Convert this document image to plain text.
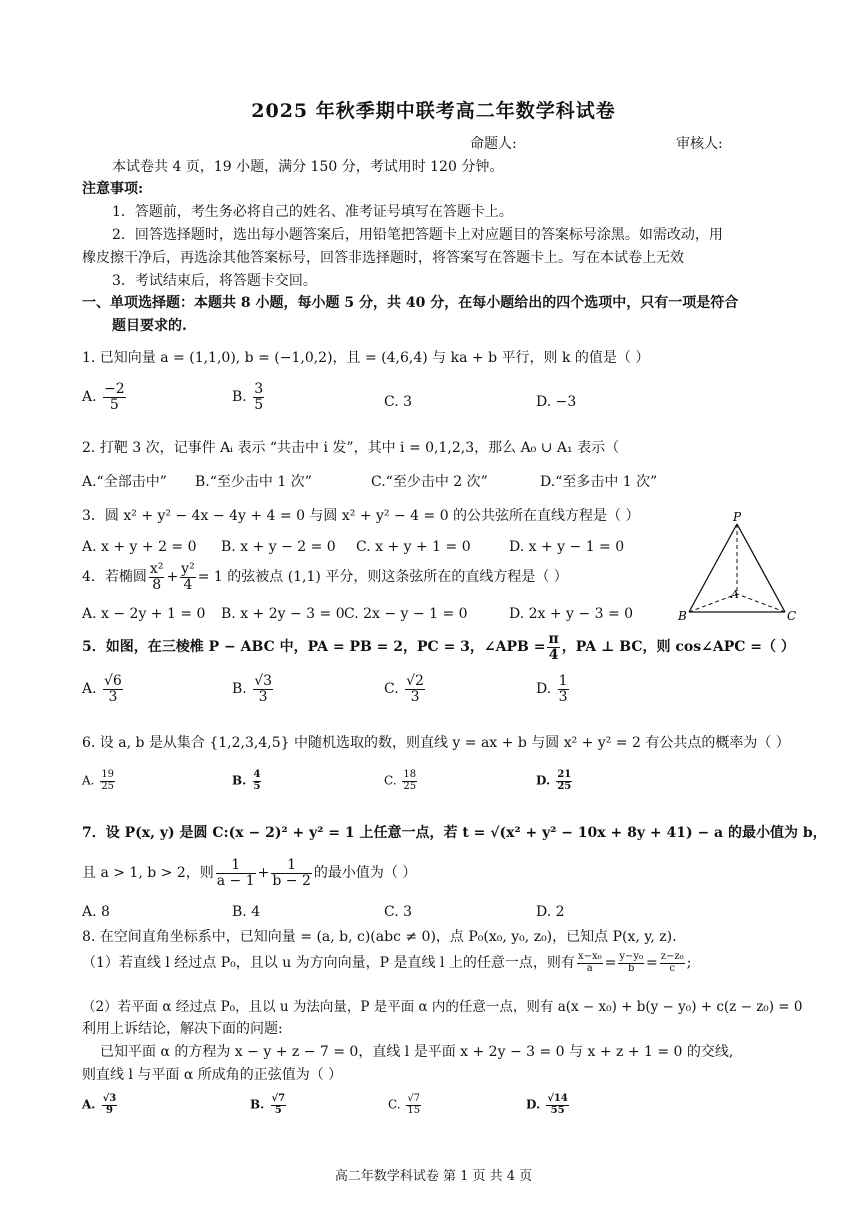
2025 年秋季期中联考高二年数学科试卷
命题人:	审核人:
本试卷共 4 页，19 小题，满分 150 分，考试用时 120 分钟。
注意事项:
1．答题前，考生务必将自己的姓名、准考证号填写在答题卡上。
2．回答选择题时，选出每小题答案后，用铅笔把答题卡上对应题目的答案标号涂黑。如需改动，用
橡皮擦干净后，再选涂其他答案标号，回答非选择题时，将答案写在答题卡上。写在本试卷上无效
3．考试结束后，将答题卡交回。
一、单项选择题：本题共 8 小题，每小题 5 分，共 40 分，在每小题给出的四个选项中，只有一项是符合
题目要求的.
1. 已知向量 a = (1,1,0), b = (−1,0,2)，且 = (4,6,4) 与 ka + b 平行，则 k 的值是（ ）
A. $\frac{-2}{5}$	B. $\frac{3}{5}$	C. 3	D. −3
2. 打靶 3 次，记事件 Aᵢ 表示 “共击中 i 发”，其中 i = 0,1,2,3，那么 A₀ ∪ A₁ 表示（
A.“全部击中” B.“至少击中 1 次”	C.“至少击中 2 次”	D.“至多击中 1 次”
3．圆 x² + y² − 4x − 4y + 4 = 0 与圆 x² + y² − 4 = 0 的公共弦所在直线方程是（ ）
A. x + y + 2 = 0 B. x + y − 2 = 0 C. x + y + 1 = 0	D. x + y − 1 = 0
4．若椭圆 $\frac{\text{x²}}{8} + \frac{\text{y²}}{4} = 1$ 的弦被点 (1,1) 平分，则这条弦所在的直线方程是（ ）
A. x − 2y + 1 = 0 B. x + 2y − 3 = 0 C. 2x − y − 1 = 0	D. 2x + y − 3 = 0
P
A
B	C
5．如图，在三棱椎 P − ABC 中，PA = PB = 2，PC = 3，∠APB = $\frac{\pi}{4}$ ，PA ⊥ BC，则 cos∠APC =（ ）
A. $\frac{√6}{3}$	B. $\frac{√3}{3}$	C. $\frac{√2}{3}$	D. $\frac{1}{3}$
6. 设 a, b 是从集合 {1,2,3,4,5} 中随机选取的数，则直线 y = ax + b 与圆 x² + y² = 2 有公共点的概率为（ ）
A. $\frac{19}{25}$	B. $\frac{4}{5}$	C. $\frac{18}{25}$	D. $\frac{21}{25}$
7．设 P(x, y) 是圆 C:(x − 2)² + y² = 1 上任意一点，若 t = √(x² + y² − 10x + 8y + 41) − a 的最小值为 b，
且 a > 1, b > 2，则 $\frac{1}{a - 1} + \frac{1}{b - 2}$ 的最小值为（ ）
A. 8	B. 4	C. 3	D. 2
8. 在空间直角坐标系中，已知向量 = (a, b, c)(abc ≠ 0)，点 P₀(x₀, y₀, z₀)，已知点 P(x, y, z).
（1）若直线 l 经过点 P₀，且以 u 为方向向量，P 是直线 l 上的任意一点，则有 $\frac{\text{x−x₀}}{a} = \frac{\text{y−y₀}}{b} = \frac{\text{z−z₀}}{c}$ ;
（2）若平面 α 经过点 P₀，且以 u 为法向量，P 是平面 α 内的任意一点，则有 a(x − x₀) + b(y − y₀) + c(z − z₀) = 0
利用上诉结论，解决下面的问题:
已知平面 α 的方程为 x − y + z − 7 = 0，直线 l 是平面 x + 2y − 3 = 0 与 x + z + 1 = 0 的交线,
则直线 l 与平面 α 所成角的正弦值为（ ）
A. $\frac{√3}{9}$	B. $\frac{√7}{5}$	C. $\frac{√7}{15}$	D. $\frac{√14}{55}$
高二年数学科试卷 第 1 页 共 4 页
